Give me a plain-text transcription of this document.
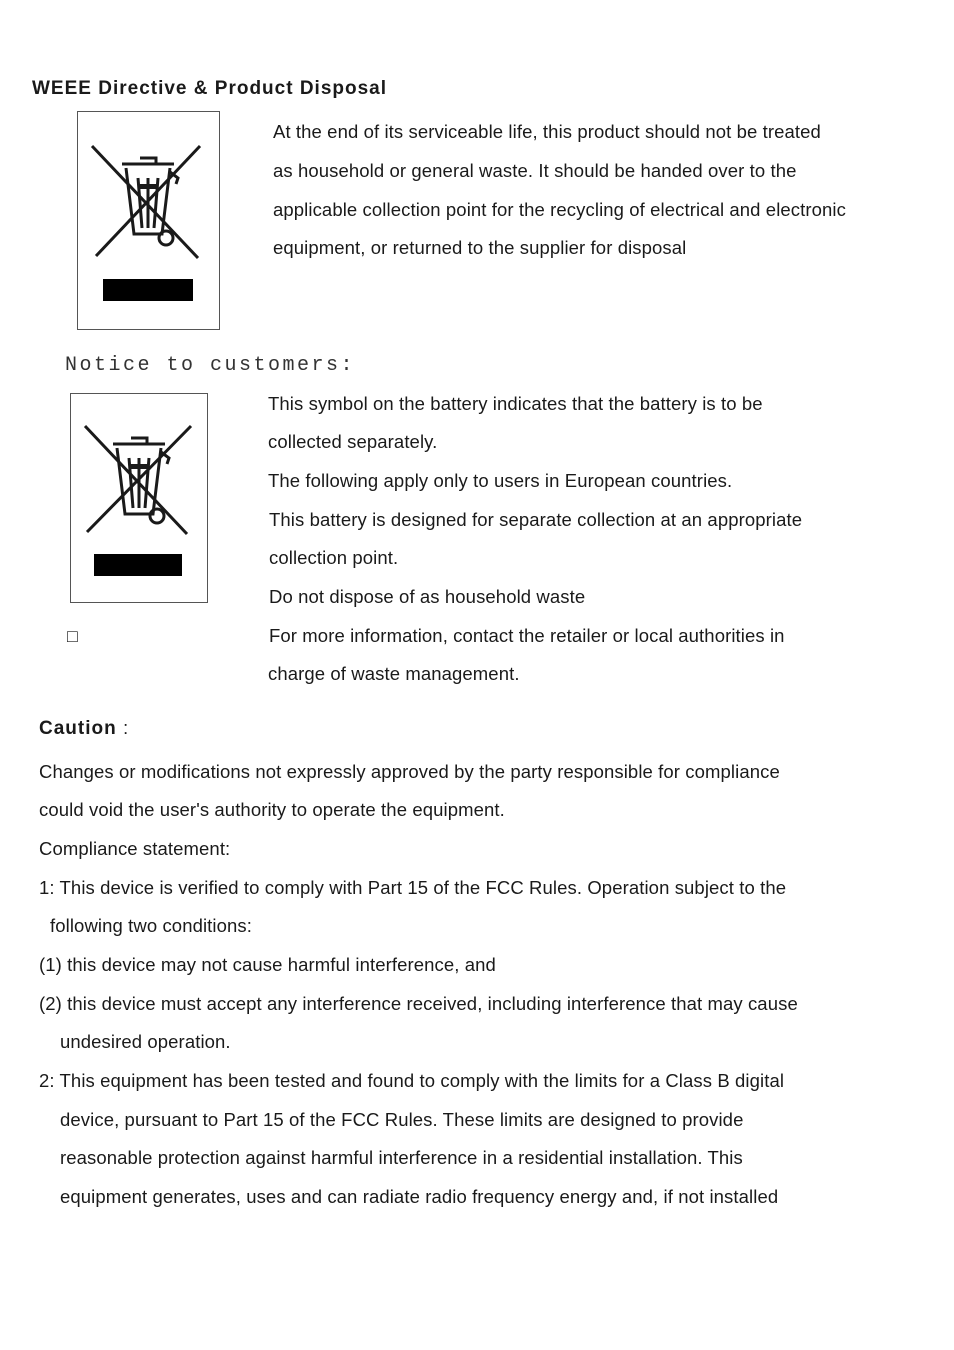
WEEE Directive & Product Disposal
At the end of its serviceable life, this product should not be treated
as household or general waste. It should be handed over to the
applicable collection point for the recycling of electrical and electronic
equipment, or returned to the supplier for disposal
Notice to customers:
This symbol on the battery indicates that the battery is to be
collected separately.
The following apply only to users in European countries.
This battery is designed for separate collection at an appropriate
collection point.
Do not dispose of as household waste
□	For more information, contact the retailer or local authorities in
charge of waste management.
Caution :
Changes or modifications not expressly approved by the party responsible for compliance
could void the user's authority to operate the equipment.
Compliance statement:
1: This device is verified to comply with Part 15 of the FCC Rules. Operation subject to the
following two conditions:
(1) this device may not cause harmful interference, and
(2) this device must accept any interference received, including interference that may cause
undesired operation.
2: This equipment has been tested and found to comply with the limits for a Class B digital
device, pursuant to Part 15 of the FCC Rules. These limits are designed to provide
reasonable protection against harmful interference in a residential installation. This
equipment generates, uses and can radiate radio frequency energy and, if not installed
